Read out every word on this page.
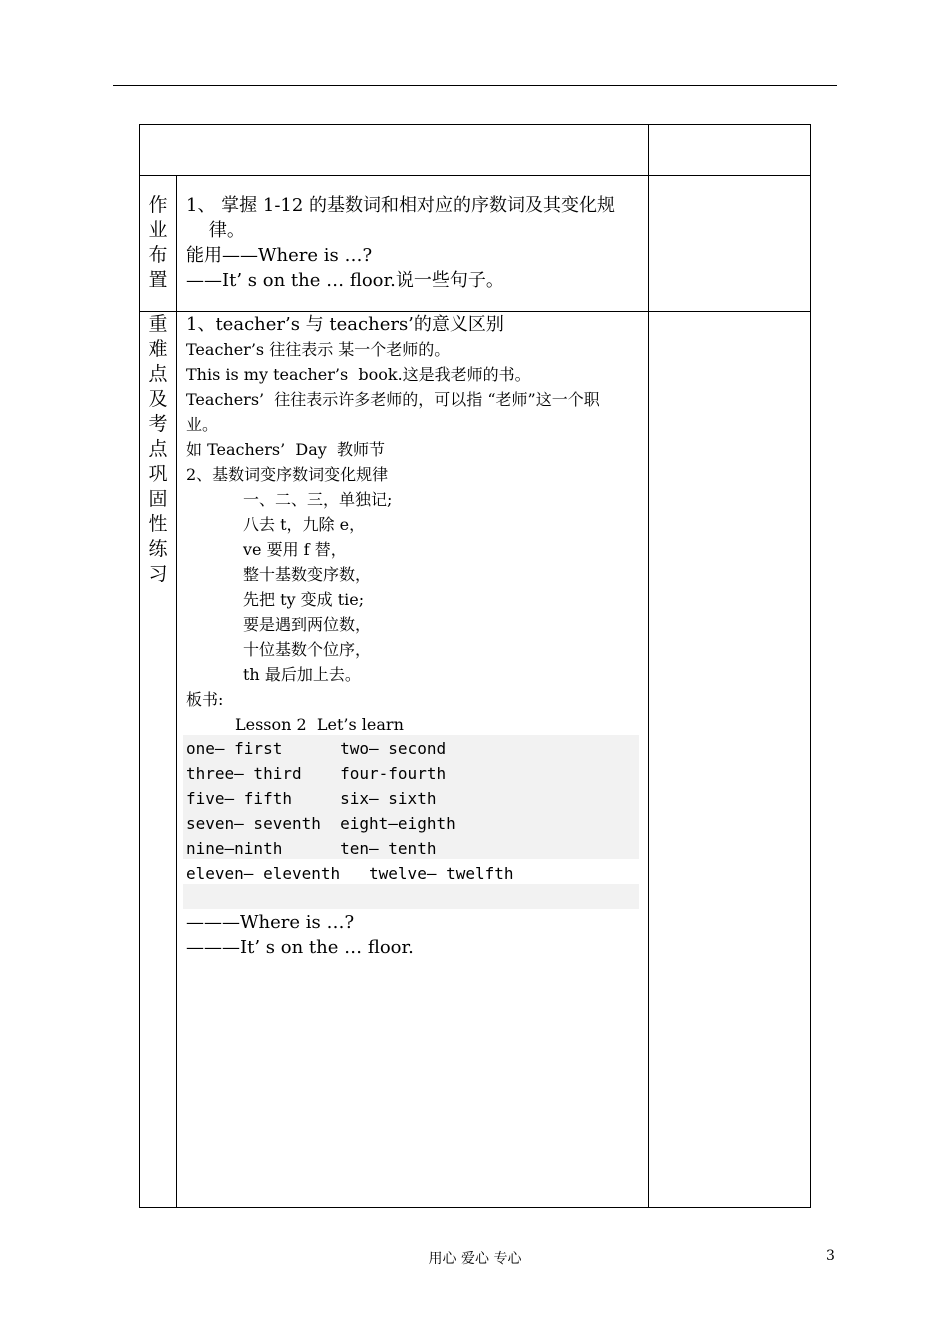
作
业
布
置
1、 掌握 1-12 的基数词和相对应的序数词及其变化规
律。
能用——Where is …?
——It’ s on the … floor.说一些句子。
重
难
点
及
考
点
巩
固
性
练
习
1、teacher’s 与 teachers’的意义区别
Teacher’s 往往表示 某一个老师的。
This is my teacher’s  book.这是我老师的书。
Teachers’  往往表示许多老师的，可以指 “老师”这一个职
业。
如 Teachers’  Day  教师节
2、基数词变序数词变化规律
一、二、三，单独记;
八去 t，九除 e，
ve 要用 f 替，
整十基数变序数，
先把 ty 变成 tie;
要是遇到两位数，
十位基数个位序，
th 最后加上去。
板书:
Lesson 2  Let’s learn
one— first      two— second
three— third    four-fourth
five— fifth     six— sixth
seven— seventh  eight—eighth
nine—ninth      ten— tenth
eleven— eleventh   twelve— twelfth
———Where is …?
———It’ s on the … floor.
用心 爱心 专心	3
